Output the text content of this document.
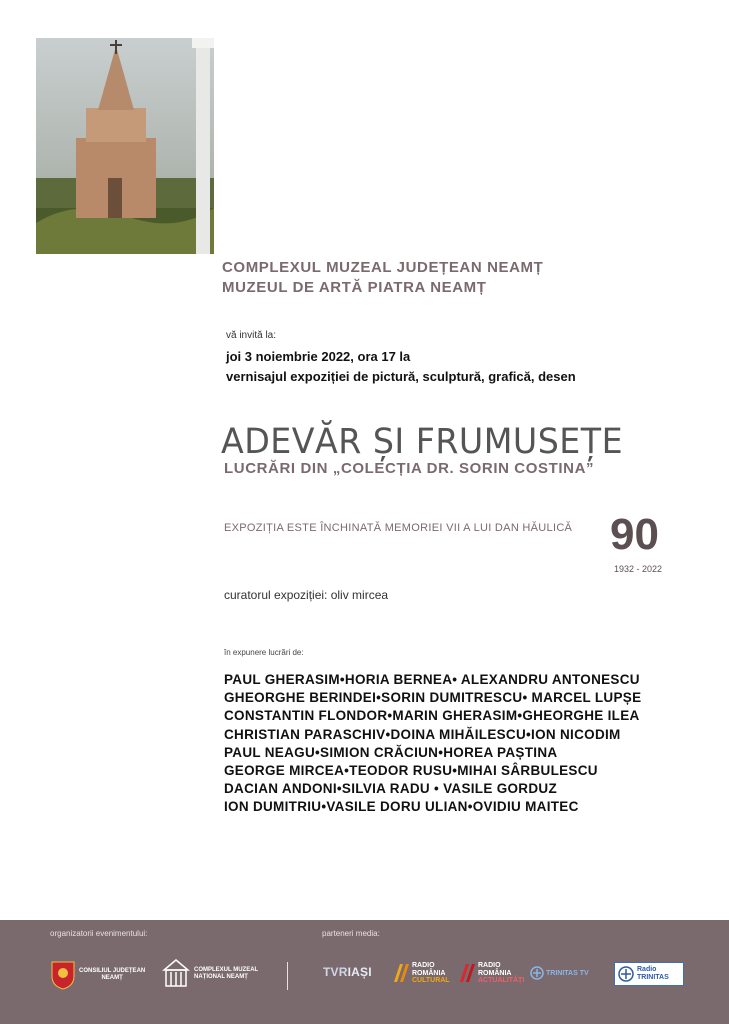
COMPLEXUL MUZEAL JUDEȚEAN NEAMȚ
MUZEUL DE ARTĂ PIATRA NEAMȚ
vă invită la:
joi 3 noiembrie 2022, ora 17 la
vernisajul expoziției de pictură, sculptură, grafică, desen
ADEVĂR ȘI FRUMUSEȚE
LUCRĂRI DIN „COLECȚIA DR. SORIN COSTINA”
EXPOZIȚIA ESTE ÎNCHINATĂ MEMORIEI VII A LUI DAN HĂULICĂ 90
1932 - 2022
curatorul expoziției: oliv mircea
în expunere lucrări de:
PAUL GHERASIM•HORIA BERNEA• ALEXANDRU ANTONESCU
GHEORGHE BERINDEI•SORIN DUMITRESCU• MARCEL LUPȘE
CONSTANTIN FLONDOR•MARIN GHERASIM•GHEORGHE ILEA
CHRISTIAN PARASCHIV•DOINA MIHĂILESCU•ION NICODIM
PAUL NEAGU•SIMION CRĂCIUN•HOREA PAȘTINA
GEORGE MIRCEA•TEODOR RUSU•MIHAI SÂRBULESCU
DACIAN ANDONI•SILVIA RADU • VASILE GORDUZ
ION DUMITRIU•VASILE DORU ULIAN•OVIDIU MAITEC
organizatorii evenimentului:	parteneri media:
CONSILIUL JUDEȚEAN
NEAMȚ
COMPLEXUL MUZEAL
NAȚIONAL NEAMȚ	TVR IAȘI	RADIO
ROMÂNIA
CULTURAL
RADIO
ROMÂNIA
ACTUALITĂȚI
TRINITAS TV	Radio
TRINITAS
